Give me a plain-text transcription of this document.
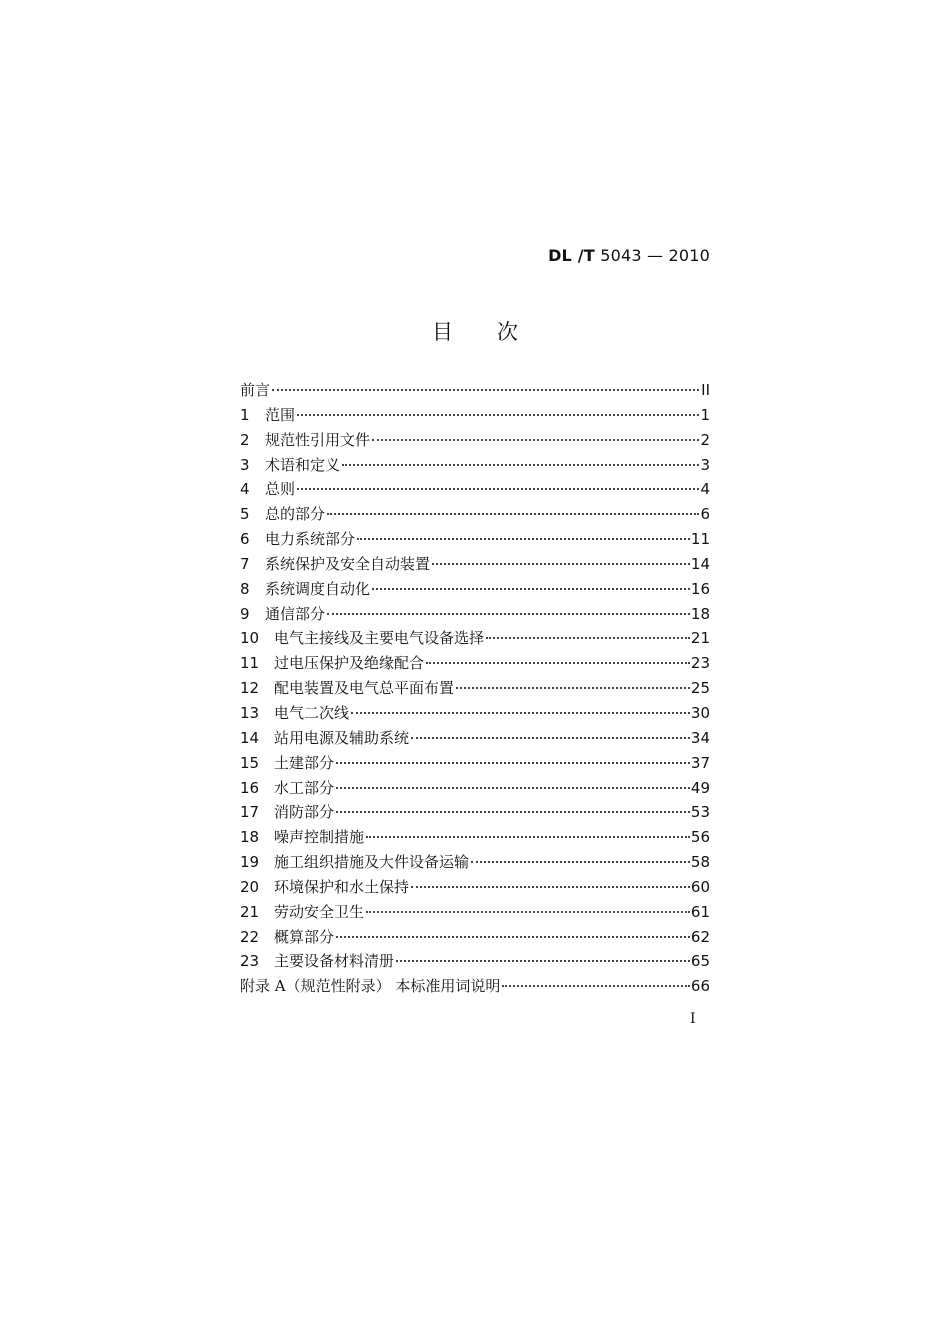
DL /T 5043 — 2010
目次
前言	II
1	范围	1
2	规范性引用文件	2
3	术语和定义	3
4	总则	4
5	总的部分	6
6	电力系统部分	11
7	系统保护及安全自动装置	14
8	系统调度自动化	16
9	通信部分	18
10 电气主接线及主要电气设备选择	21
11 过电压保护及绝缘配合	23
12 配电装置及电气总平面布置	25
13 电气二次线	30
14 站用电源及辅助系统	34
15 土建部分	37
16 水工部分	49
17 消防部分	53
18 噪声控制措施	56
19 施工组织措施及大件设备运输	58
20 环境保护和水土保持	60
21 劳动安全卫生	61
22 概算部分	62
23 主要设备材料清册	65
附录 A（规范性附录） 本标准用词说明	66
I
